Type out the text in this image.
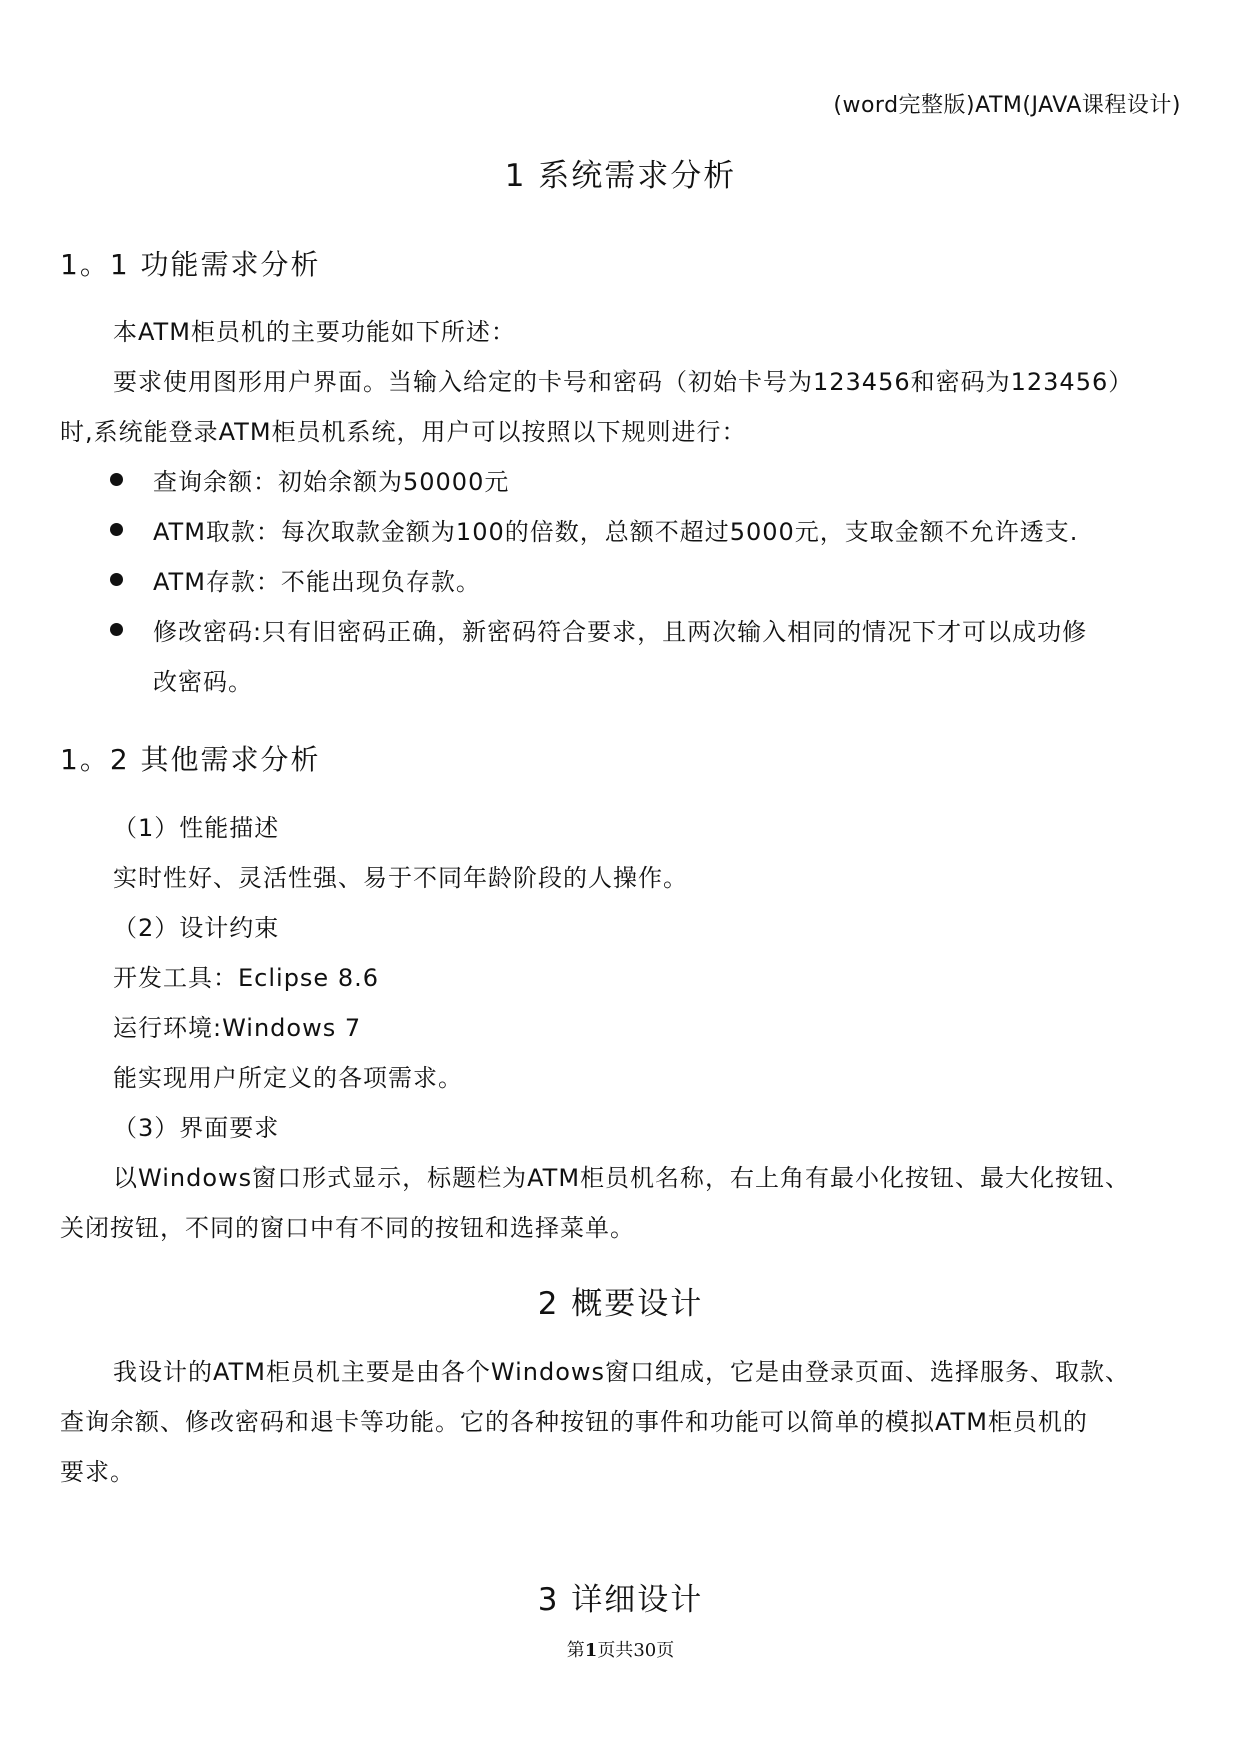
(word完整版)ATM(JAVA课程设计)
1 系统需求分析
1。1 功能需求分析
本ATM柜员机的主要功能如下所述：
要求使用图形用户界面。当输入给定的卡号和密码（初始卡号为123456和密码为123456）
时,系统能登录ATM柜员机系统，用户可以按照以下规则进行：
查询余额：初始余额为50000元
ATM取款：每次取款金额为100的倍数，总额不超过5000元，支取金额不允许透支.
ATM存款：不能出现负存款。
修改密码:只有旧密码正确，新密码符合要求，且两次输入相同的情况下才可以成功修
改密码。
1。2 其他需求分析
（1）性能描述
实时性好、灵活性强、易于不同年龄阶段的人操作。
（2）设计约束
开发工具：Eclipse 8.6
运行环境:Windows 7
能实现用户所定义的各项需求。
（3）界面要求
以Windows窗口形式显示，标题栏为ATM柜员机名称，右上角有最小化按钮、最大化按钮、
关闭按钮，不同的窗口中有不同的按钮和选择菜单。
2 概要设计
我设计的ATM柜员机主要是由各个Windows窗口组成，它是由登录页面、选择服务、取款、
查询余额、修改密码和退卡等功能。它的各种按钮的事件和功能可以简单的模拟ATM柜员机的
要求。
3 详细设计
第1页共30页
